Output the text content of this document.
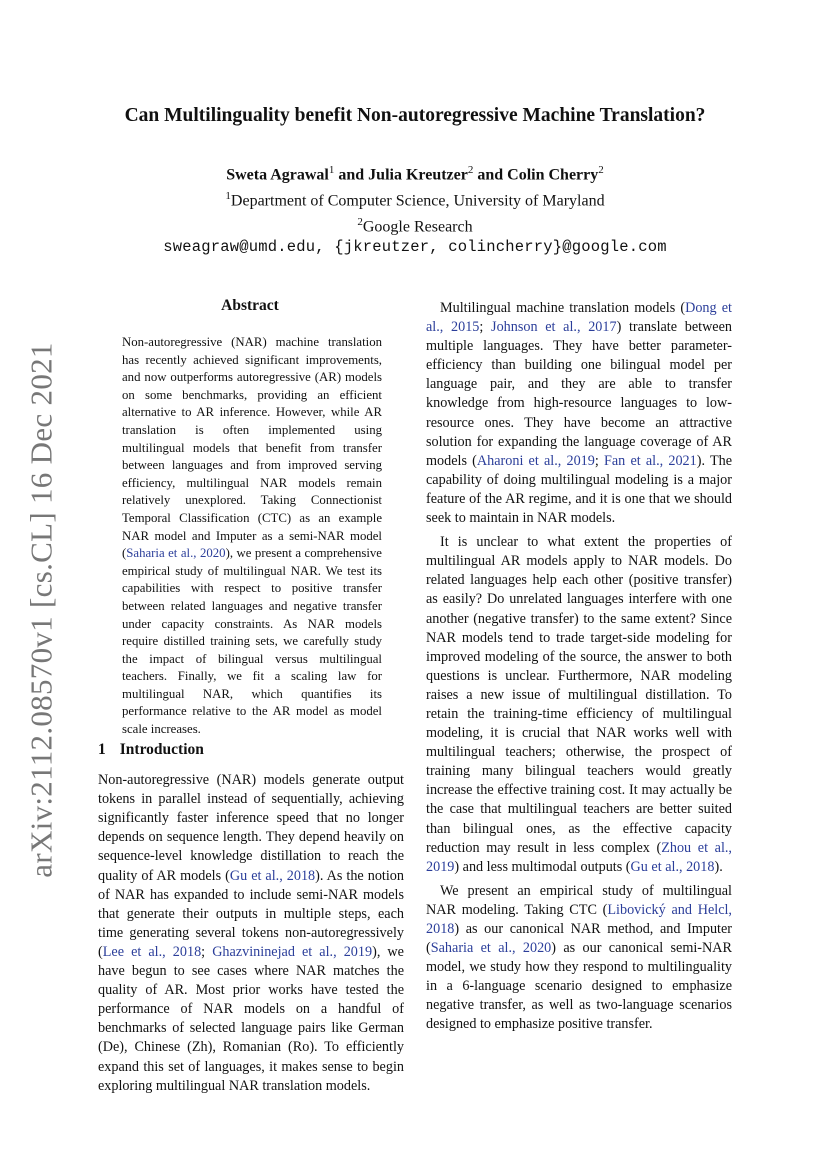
arXiv:2112.08570v1 [cs.CL] 16 Dec 2021
Can Multilinguality benefit Non-autoregressive Machine Translation?
Sweta Agrawal$^1$ and Julia Kreutzer$^2$ and Colin Cherry$^2$
$^1$Department of Computer Science, University of Maryland
$^2$Google Research
sweagraw@umd.edu, {jkreutzer, colincherry}@google.com
Abstract
Non-autoregressive (NAR) machine translation has recently achieved significant improvements, and now outperforms autoregressive (AR) models on some benchmarks, providing an efficient alternative to AR inference. However, while AR translation is often implemented using multilingual models that benefit from transfer between languages and from improved serving efficiency, multilingual NAR models remain relatively unexplored. Taking Connectionist Temporal Classification (CTC) as an example NAR model and Imputer as a semi-NAR model (Saharia et al., 2020), we present a comprehensive empirical study of multilingual NAR. We test its capabilities with respect to positive transfer between related languages and negative transfer under capacity constraints. As NAR models require distilled training sets, we carefully study the impact of bilingual versus multilingual teachers. Finally, we fit a scaling law for multilingual NAR, which quantifies its performance relative to the AR model as model scale increases.
1 Introduction

Non-autoregressive (NAR) models generate output tokens in parallel instead of sequentially, achieving significantly faster inference speed that no longer depends on sequence length. They depend heavily on sequence-level knowledge distillation to reach the quality of AR models (Gu et al., 2018). As the notion of NAR has expanded to include semi-NAR models that generate their outputs in multiple steps, each time generating several tokens non-autoregressively (Lee et al., 2018; Ghazvininejad et al., 2019), we have begun to see cases where NAR matches the quality of AR. Most prior works have tested the performance of NAR models on a handful of benchmarks of selected language pairs like German (De), Chinese (Zh), Romanian (Ro). To efficiently expand this set of languages, it makes sense to begin exploring multilingual NAR translation models.

Multilingual machine translation models (Dong et al., 2015; Johnson et al., 2017) translate between multiple languages. They have better parameter-efficiency than building one bilingual model per language pair, and they are able to transfer knowledge from high-resource languages to low-resource ones. They have become an attractive solution for expanding the language coverage of AR models (Aharoni et al., 2019; Fan et al., 2021). The capability of doing multilingual modeling is a major feature of the AR regime, and it is one that we should seek to maintain in NAR models.

It is unclear to what extent the properties of multilingual AR models apply to NAR models. Do related languages help each other (positive transfer) as easily? Do unrelated languages interfere with one another (negative transfer) to the same extent? Since NAR models tend to trade target-side modeling for improved modeling of the source, the answer to both questions is unclear. Furthermore, NAR modeling raises a new issue of multilingual distillation. To retain the training-time efficiency of multilingual modeling, it is crucial that NAR works well with multilingual teachers; otherwise, the prospect of training many bilingual teachers would greatly increase the effective training cost. It may actually be the case that multilingual teachers are better suited than bilingual ones, as the effective capacity reduction may result in less complex (Zhou et al., 2019) and less multimodal outputs (Gu et al., 2018).

We present an empirical study of multilingual NAR modeling. Taking CTC (Libovický and Helcl, 2018) as our canonical NAR method, and Imputer (Saharia et al., 2020) as our canonical semi-NAR model, we study how they respond to multilinguality in a 6-language scenario designed to emphasize negative transfer, as well as two-language scenarios designed to emphasize positive transfer.
